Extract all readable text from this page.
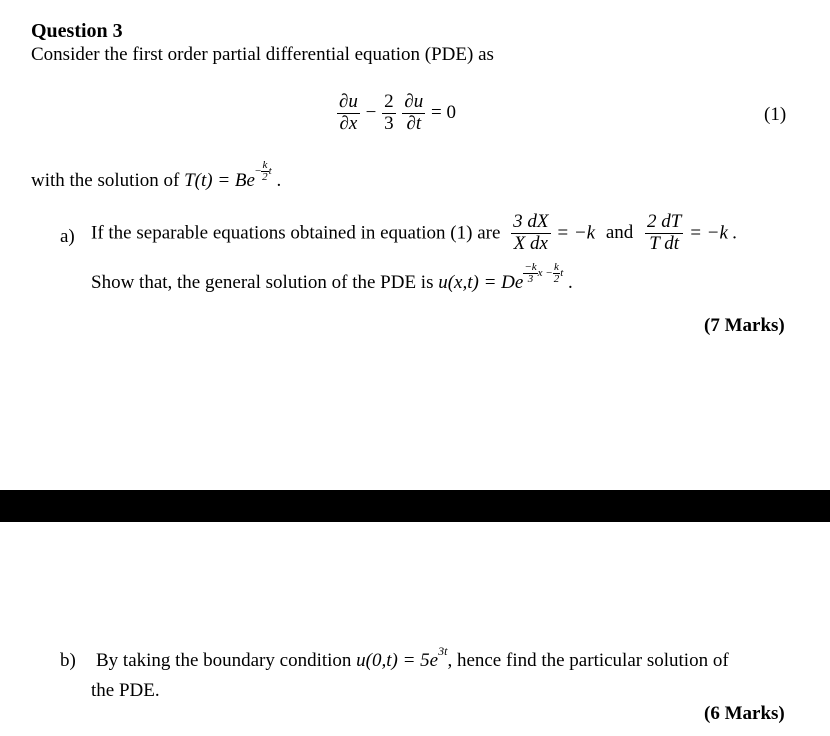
Question 3
Consider the first order partial differential equation (PDE) as
$\frac{\partial u}{\partial x} - \frac{2}{3}$
$\frac{\partial u}{\partial t} = 0$	(1)
with the solution of $T(t) = Be^{- \frac{k}{2} t}$ .
a) If the separable equations obtained in equation (1) are $\frac{3 dX}{\text{X dx}} = -k$ and $\frac{2 dT}{\text{T dt}} = -k$ .
Show that, the general solution of the PDE is u(x,t) = De $^{\frac{-k}{3} x - \frac{k}{2} t}$ .
(7 Marks)
b) By taking the boundary condition $u(0,t) = 5e^{3t}$, hence find the particular solution of
the PDE.
(6 Marks)
